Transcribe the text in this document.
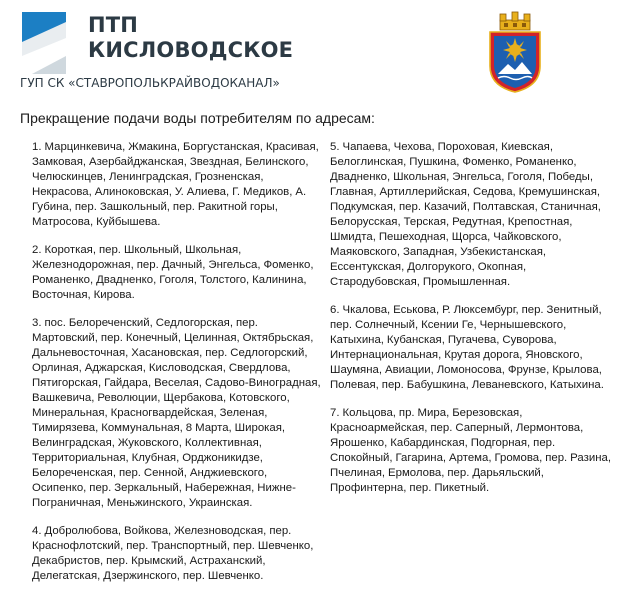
ПТП
КИСЛОВОДСКОЕ
ГУП СК «СТАВРОПОЛЬКРАЙВОДОКАНАЛ»
Прекращение подачи воды потребителям по адресам:

1. Марцинкевича, Жмакина, Боргустанская, Красивая, Замковая, Азербайджанская, Звездная, Белинского, Челюскинцев, Ленинградская, Грозненская, Некрасова, Алиноковская, У. Алиева, Г. Медиков, А. Губина, пер. Зашкольный, пер. Ракитной горы, Матросова, Куйбышева.

2. Короткая, пер. Школьный, Школьная, Железнодорожная, пер. Дачный, Энгельса, Фоменко, Романенко, Двадненко, Гоголя, Толстого, Калинина, Восточная, Кирова.

3. пос. Белореченский, Седлогорская, пер. Мартовский, пер. Конечный, Целинная, Октябрьская, Дальневосточная, Хасановская, пер. Седлогорский, Орлиная, Аджарская, Кисловодская, Свердлова, Пятигорская, Гайдара, Веселая, Садово-Виноградная, Вашкевича, Революции, Щербакова, Котовского, Минеральная, Красногвардейская, Зеленая, Тимирязева, Коммунальная, 8 Марта, Широкая, Велинградская, Жуковского, Коллективная, Территориальная, Клубная, Орджоникидзе, Белореченская, пер. Сенной, Анджиевского, Осипенко, пер. Зеркальный, Набережная, Нижне-Пограничная, Меньжинского, Украинская.

4. Добролюбова, Войкова, Железноводская, пер. Краснофлотский, пер. Транспортный, пер. Шевченко, Декабристов, пер. Крымский, Астраханский, Делегатская, Дзержинского, пер. Шевченко.

5. Чапаева, Чехова, Пороховая, Киевская, Белоглинская, Пушкина, Фоменко, Романенко, Двадненко, Школьная, Энгельса, Гоголя, Победы, Главная, Артиллерийская, Седова, Кремушинская, Подкумская, пер. Казачий, Полтавская, Станичная, Белорусская, Терская, Редутная, Крепостная, Шмидта, Пешеходная, Щорса, Чайковского, Маяковского, Западная, Узбекистанская, Ессентукская, Долгорукого, Окопная, Стародубовская, Промышленная.

6. Чкалова, Еськова, Р. Люксембург, пер. Зенитный, пер. Солнечный, Ксении Ге, Чернышевского, Катыхина, Кубанская, Пугачева, Суворова, Интернациональная, Крутая дорога, Яновского, Шаумяна, Авиации, Ломоносова, Фрунзе, Крылова, Полевая, пер. Бабушкина, Леваневского, Катыхина.

7. Кольцова, пр. Мира, Березовская, Красноармейская, пер. Саперный, Лермонтова, Ярошенко, Кабардинская, Подгорная, пер. Спокойный, Гагарина, Артема, Громова, пер. Разина, Пчелиная, Ермолова, пер. Дарьяльский, Профинтерна, пер. Пикетный.
